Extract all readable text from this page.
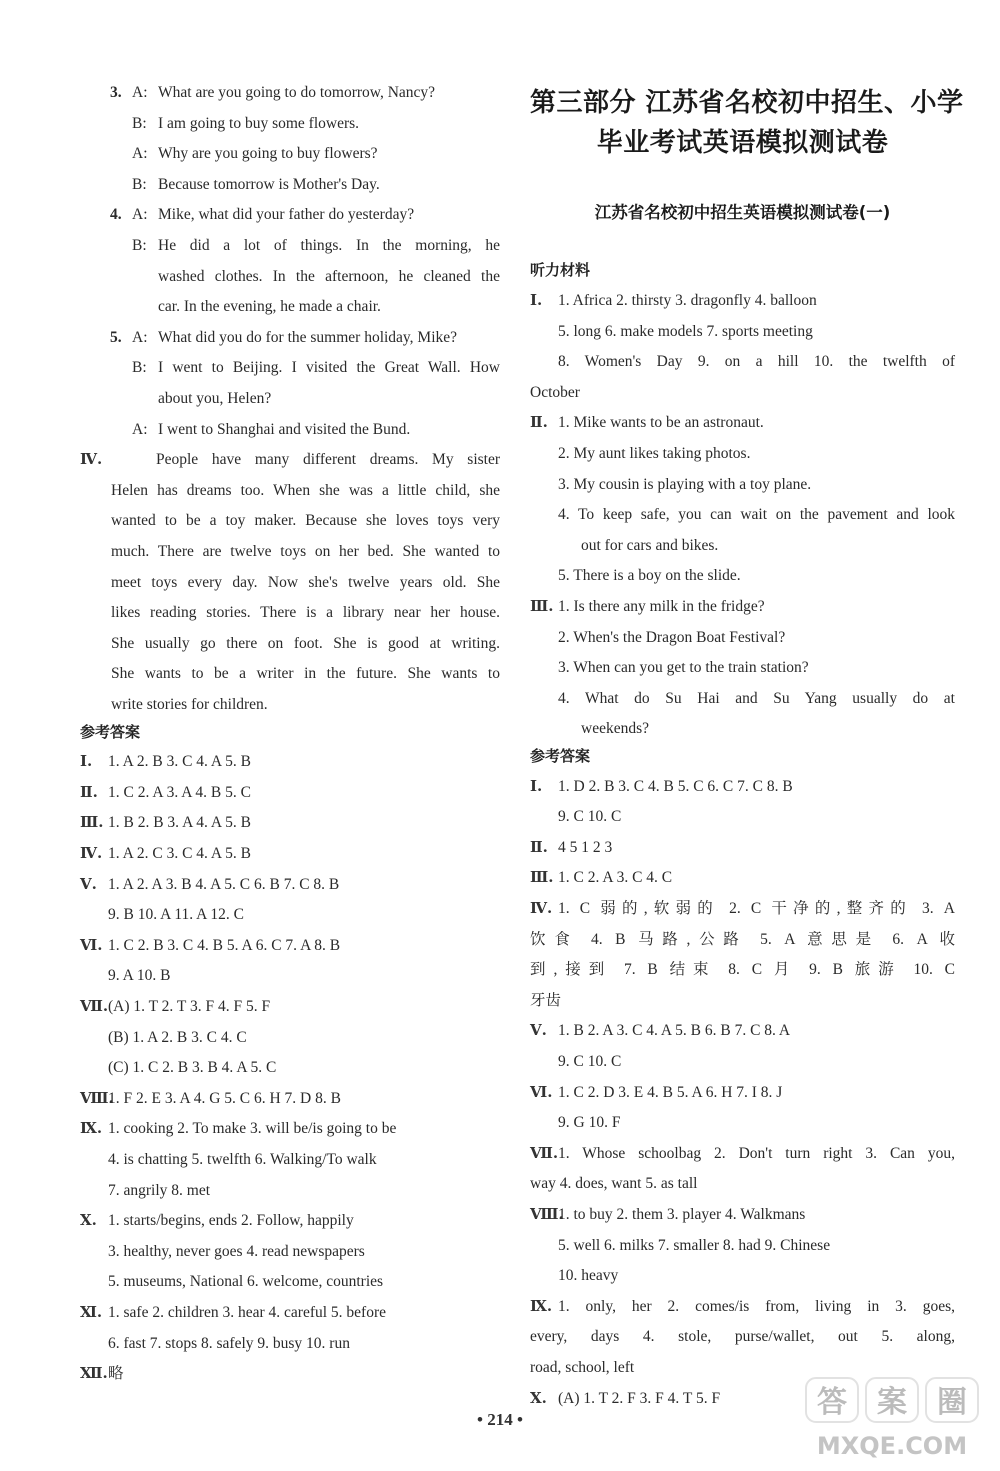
3. A: What are you going to do tomorrow, Nancy?
B: I am going to buy some flowers.
A: Why are you going to buy flowers?
B: Because tomorrow is Mother's Day.
4. A: Mike, what did your father do yesterday?
B: He did a lot of things. In the morning, he
washed clothes. In the afternoon, he cleaned the
car. In the evening, he made a chair.
5. A: What did you do for the summer holiday, Mike?
B: I went to Beijing. I visited the Great Wall. How
about you, Helen?
A: I went to Shanghai and visited the Bund.
Ⅳ.	People have many different dreams. My sister
Helen has dreams too. When she was a little child, she
wanted to be a toy maker. Because she loves toys very
much. There are twelve toys on her bed. She wanted to
meet toys every day. Now she's twelve years old. She
likes reading stories. There is a library near her house.
She usually go there on foot. She is good at writing.
She wants to be a writer in the future. She wants to
write stories for children.
参考答案
Ⅰ. 1. A 2. B 3. C 4. A 5. B
Ⅱ. 1. C 2. A 3. A 4. B 5. C
Ⅲ. 1. B 2. B 3. A 4. A 5. B
Ⅳ. 1. A 2. C 3. C 4. A 5. B
Ⅴ. 1. A 2. A 3. B 4. A 5. C 6. B 7. C 8. B
9. B 10. A 11. A 12. C
Ⅵ. 1. C 2. B 3. C 4. B 5. A 6. C 7. A 8. B
9. A 10. B
Ⅶ. (A) 1. T 2. T 3. F 4. F 5. F
(B) 1. A 2. B 3. C 4. C
(C) 1. C 2. B 3. B 4. A 5. C
Ⅷ.
1. F 2. E 3. A 4. G 5. C 6. H 7. D 8. B
Ⅸ. 1. cooking 2. To make 3. will be/is going to be
4. is chatting 5. twelfth 6. Walking/To walk
7. angrily 8. met
Ⅹ. 1. starts/begins, ends 2. Follow, happily
3. healthy, never goes 4. read newspapers
5. museums, National 6. welcome, countries
Ⅺ. 1. safe 2. children 3. hear 4. careful 5. before
6. fast 7. stops 8. safely 9. busy 10. run
Ⅻ. 略
第三部分 江苏省名校初中招生、小学
毕业考试英语模拟测试卷
江苏省名校初中招生英语模拟测试卷(一)
听力材料
Ⅰ. 1. Africa 2. thirsty 3. dragonfly 4. balloon
5. long 6. make models 7. sports meeting
8. Women's Day 9. on a hill 10. the twelfth of
October
Ⅱ. 1. Mike wants to be an astronaut.
2. My aunt likes taking photos.
3. My cousin is playing with a toy plane.
4. To keep safe, you can wait on the pavement and look
out for cars and bikes.
5. There is a boy on the slide.
Ⅲ. 1. Is there any milk in the fridge?
2. When's the Dragon Boat Festival?
3. When can you get to the train station?
4. What do Su Hai and Su Yang usually do at
weekends?
参考答案
Ⅰ. 1. D 2. B 3. C 4. B 5. C 6. C 7. C 8. B
9. C 10. C
Ⅱ. 4 5 1 2 3
Ⅲ. 1. C 2. A 3. C 4. C
Ⅳ. 1. C 弱的,软弱的 2. C 干净的,整齐的 3. A
饮食 4. B 马路,公路 5. A 意思是 6. A 收
到,接到 7. B 结束 8. C 月 9. B 旅游 10. C
牙齿
Ⅴ. 1. B 2. A 3. C 4. A 5. B 6. B 7. C 8. A
9. C 10. C
Ⅵ. 1. C 2. D 3. E 4. B 5. A 6. H 7. I 8. J
9. G 10. F
Ⅶ. 1. Whose schoolbag 2. Don't turn right 3. Can you,
way 4. does, want 5. as tall
Ⅷ.
1. to buy 2. them 3. player 4. Walkmans
5. well 6. milks 7. smaller 8. had 9. Chinese
10. heavy
Ⅸ. 1. only, her 2. comes/is from, living in 3. goes,
every, days 4. stole, purse/wallet, out 5. along,
road, school, left
Ⅹ. (A) 1. T 2. F 3. F 4. T 5. F
• 214 •	答 案 圈
MXQE.COM
